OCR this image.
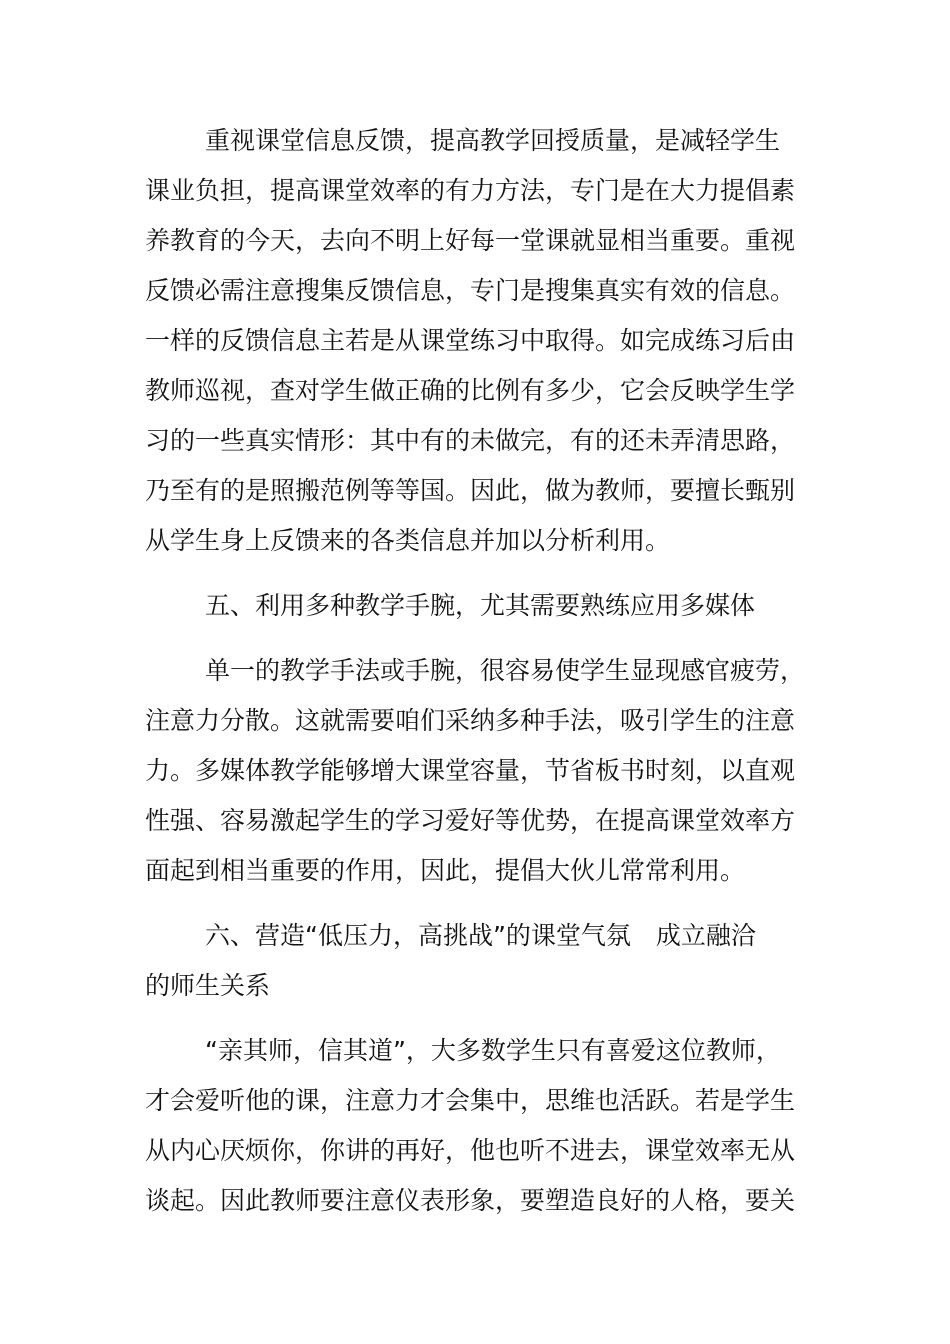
重视课堂信息反馈，提高教学回授质量，是减轻学生

课业负担，提高课堂效率的有力方法，专门是在大力提倡素

养教育的今天，去向不明上好每一堂课就显相当重要。重视

反馈必需注意搜集反馈信息，专门是搜集真实有效的信息。

一样的反馈信息主若是从课堂练习中取得。如完成练习后由

教师巡视，查对学生做正确的比例有多少，它会反映学生学

习的一些真实情形：其中有的未做完，有的还未弄清思路，

乃至有的是照搬范例等等国。因此，做为教师，要擅长甄别

从学生身上反馈来的各类信息并加以分析利用。

五、利用多种教学手腕，尤其需要熟练应用多媒体

单一的教学手法或手腕，很容易使学生显现感官疲劳，

注意力分散。这就需要咱们采纳多种手法，吸引学生的注意

力。多媒体教学能够增大课堂容量，节省板书时刻，以直观

性强、容易激起学生的学习爱好等优势，在提高课堂效率方

面起到相当重要的作用，因此，提倡大伙儿常常利用。

六、营造“低压力，高挑战”的课堂气氛　成立融洽

的师生关系

“亲其师，信其道”，大多数学生只有喜爱这位教师，

才会爱听他的课，注意力才会集中，思维也活跃。若是学生

从内心厌烦你，你讲的再好，他也听不进去，课堂效率无从

谈起。因此教师要注意仪表形象，要塑造良好的人格，要关
